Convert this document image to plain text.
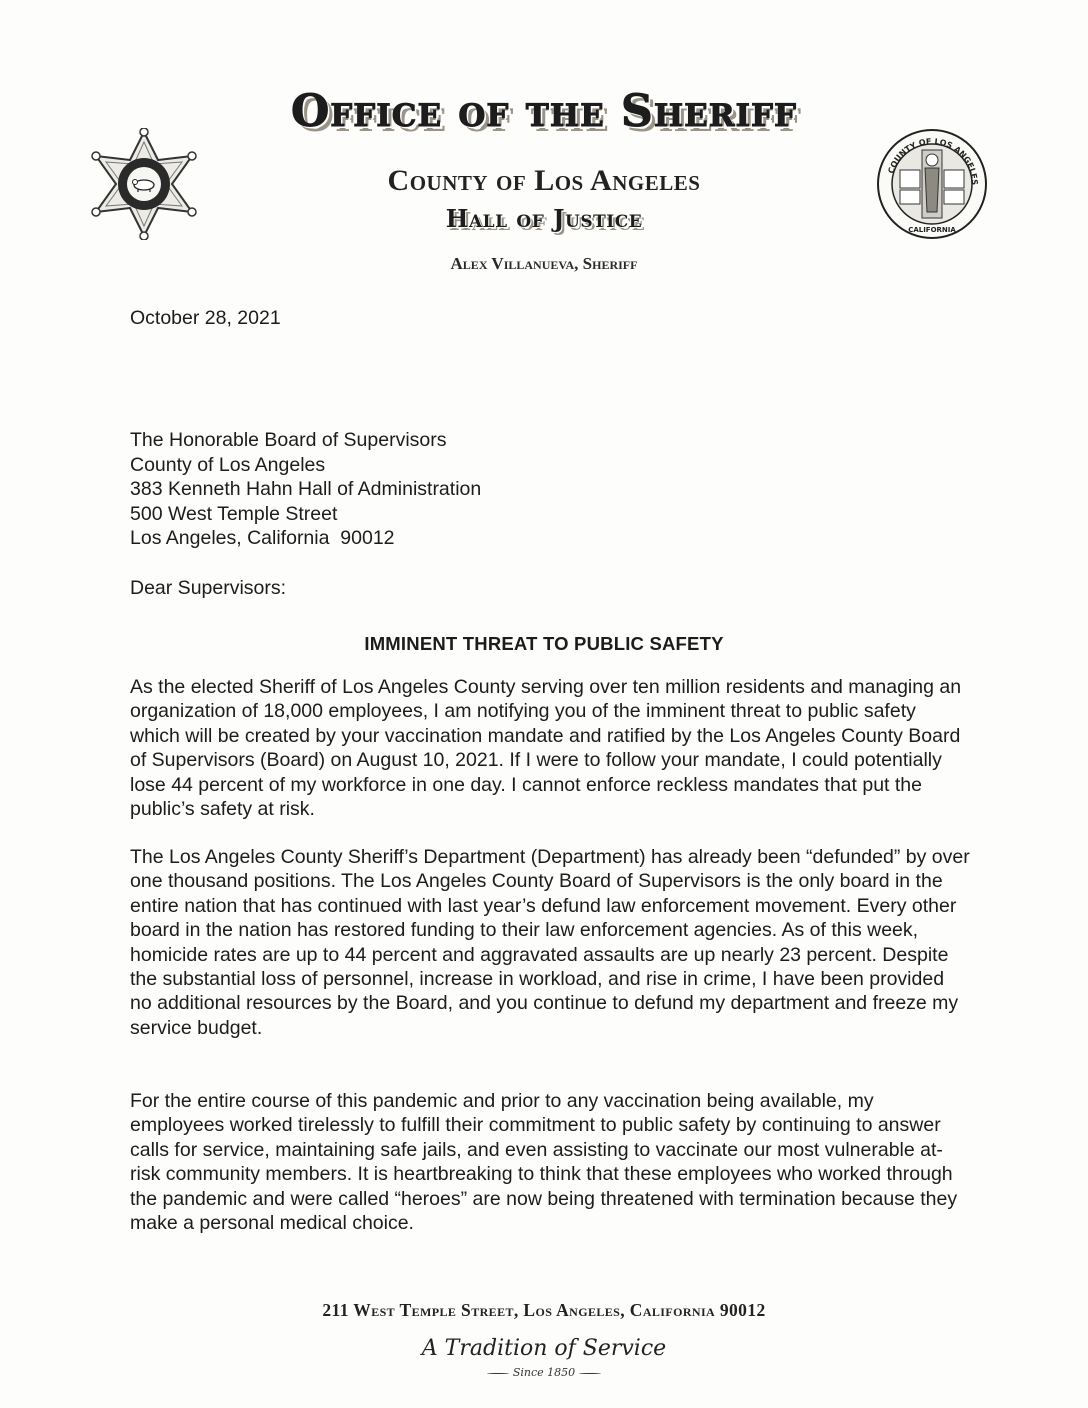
Office of the Sheriff
County of Los Angeles
Hall of Justice
Alex Villanueva, Sheriff
COUNTY OF LOS ANGELES
CALIFORNIA
October 28, 2021
The Honorable Board of Supervisors
County of Los Angeles
383 Kenneth Hahn Hall of Administration
500 West Temple Street
Los Angeles, California  90012
Dear Supervisors:
IMMINENT THREAT TO PUBLIC SAFETY
As the elected Sheriff of Los Angeles County serving over ten million residents and managing an organization of 18,000 employees, I am notifying you of the imminent threat to public safety which will be created by your vaccination mandate and ratified by the Los Angeles County Board of Supervisors (Board) on August 10, 2021. If I were to follow your mandate, I could potentially lose 44 percent of my workforce in one day. I cannot enforce reckless mandates that put the public’s safety at risk.
The Los Angeles County Sheriff’s Department (Department) has already been “defunded” by over one thousand positions. The Los Angeles County Board of Supervisors is the only board in the entire nation that has continued with last year’s defund law enforcement movement. Every other board in the nation has restored funding to their law enforcement agencies. As of this week, homicide rates are up to 44 percent and aggravated assaults are up nearly 23 percent. Despite the substantial loss of personnel, increase in workload, and rise in crime, I have been provided no additional resources by the Board, and you continue to defund my department and freeze my service budget.
For the entire course of this pandemic and prior to any vaccination being available, my employees worked tirelessly to fulfill their commitment to public safety by continuing to answer calls for service, maintaining safe jails, and even assisting to vaccinate our most vulnerable at-risk community members. It is heartbreaking to think that these employees who worked through the pandemic and were called “heroes” are now being threatened with termination because they make a personal medical choice.
211 West Temple Street, Los Angeles, California 90012
A Tradition of Service
Since 1850
